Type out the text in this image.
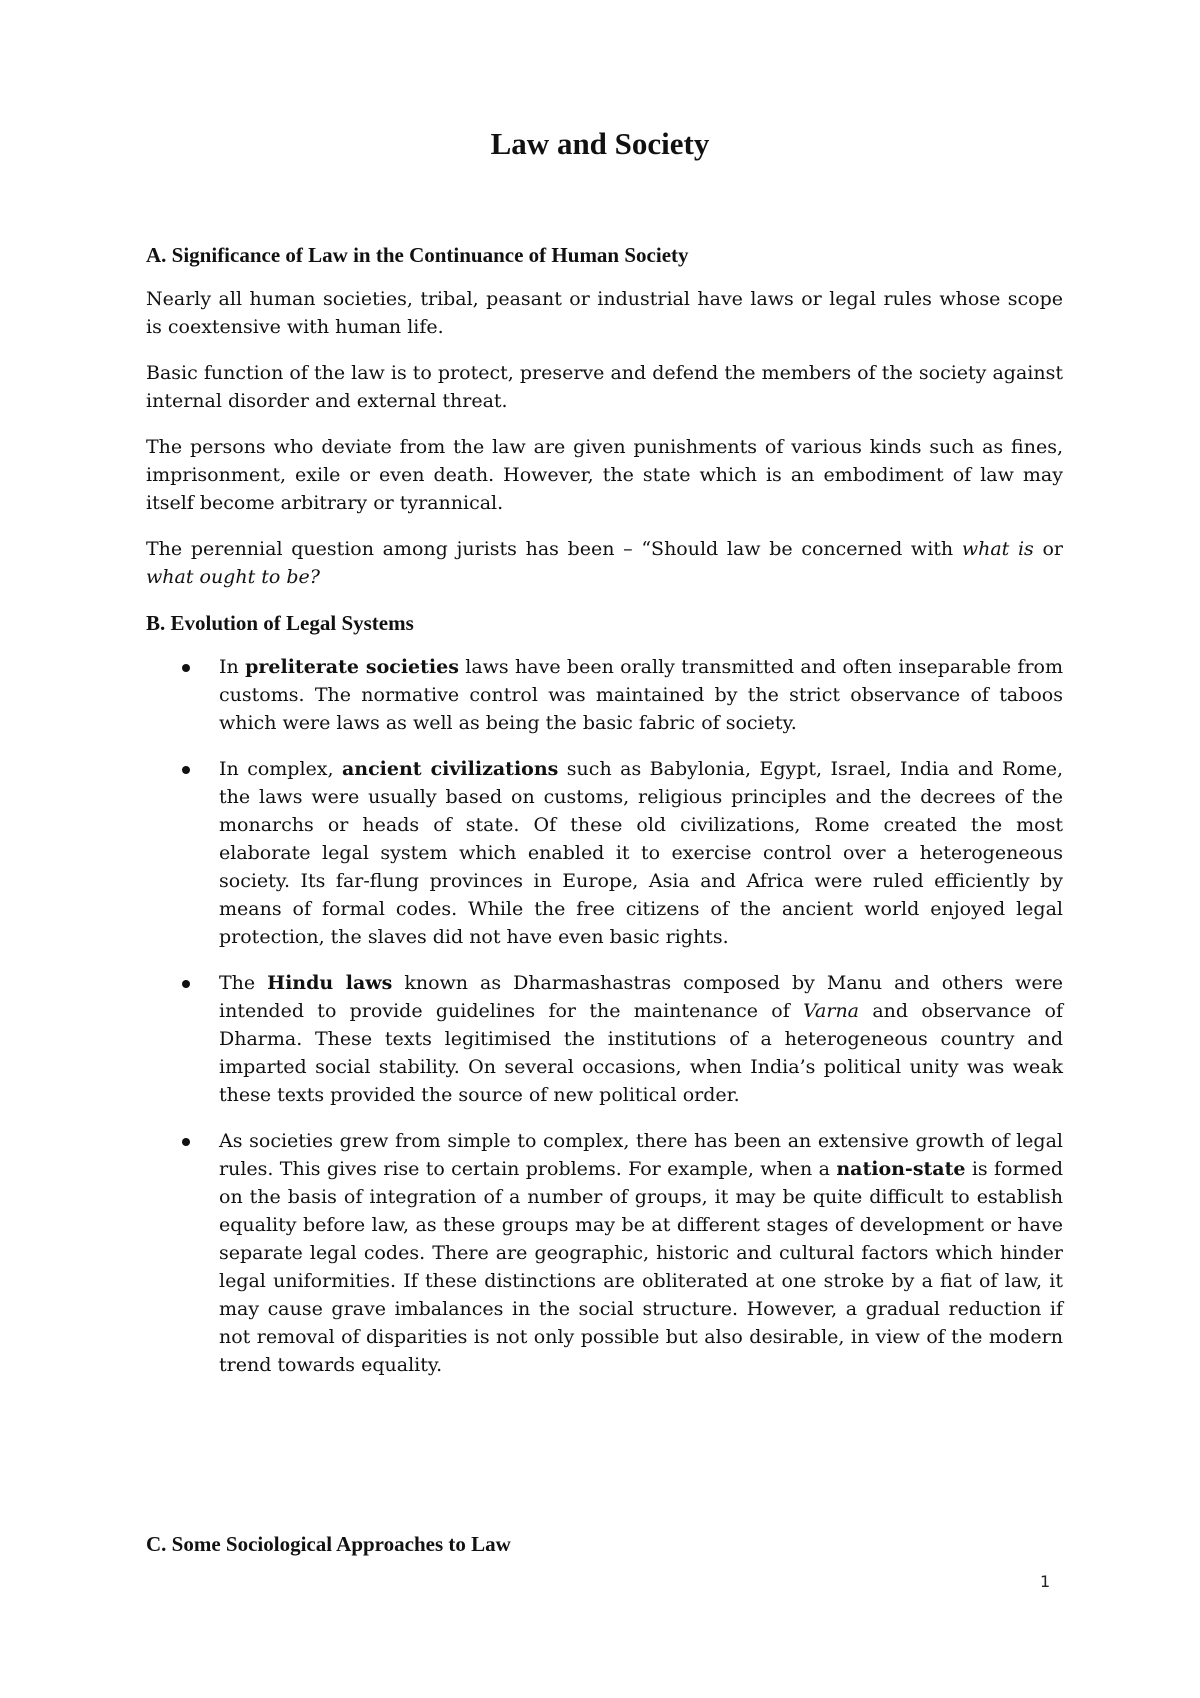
Law and Society
A. Significance of Law in the Continuance of Human Society

Nearly all human societies, tribal, peasant or industrial have laws or legal rules whose scope is coextensive with human life.

Basic function of the law is to protect, preserve and defend the members of the society against internal disorder and external threat.

The persons who deviate from the law are given punishments of various kinds such as fines, imprisonment, exile or even death. However, the state which is an embodiment of law may itself become arbitrary or tyrannical.

The perennial question among jurists has been – “Should law be concerned with what is or what ought to be?

B. Evolution of Legal Systems
In preliterate societies laws have been orally transmitted and often inseparable from customs. The normative control was maintained by the strict observance of taboos which were laws as well as being the basic fabric of society.
In complex, ancient civilizations such as Babylonia, Egypt, Israel, India and Rome, the laws were usually based on customs, religious principles and the decrees of the monarchs or heads of state. Of these old civilizations, Rome created the most elaborate legal system which enabled it to exercise control over a heterogeneous society. Its far-flung provinces in Europe, Asia and Africa were ruled efficiently by means of formal codes. While the free citizens of the ancient world enjoyed legal protection, the slaves did not have even basic rights.
The Hindu laws known as Dharmashastras composed by Manu and others were intended to provide guidelines for the maintenance of Varna and observance of Dharma. These texts legitimised the institutions of a heterogeneous country and imparted social stability. On several occasions, when India’s political unity was weak these texts provided the source of new political order.
As societies grew from simple to complex, there has been an extensive growth of legal rules. This gives rise to certain problems. For example, when a nation-state is formed on the basis of integration of a number of groups, it may be quite difficult to establish equality before law, as these groups may be at different stages of development or have separate legal codes. There are geographic, historic and cultural factors which hinder legal uniformities. If these distinctions are obliterated at one stroke by a fiat of law, it may cause grave imbalances in the social structure. However, a gradual reduction if not removal of disparities is not only possible but also desirable, in view of the modern trend towards equality.
C. Some Sociological Approaches to Law
1
